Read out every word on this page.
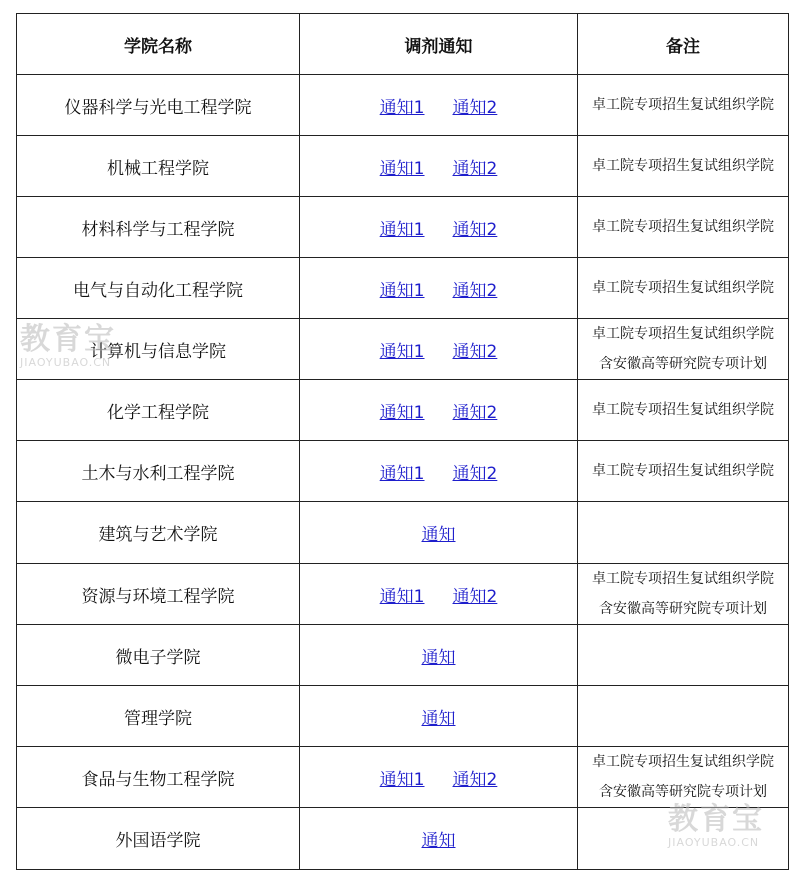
学院名称	调剂通知	备注
仪器科学与光电工程学院	通知1 通知2	卓工院专项招生复试组织学院

机械工程学院	通知1 通知2	卓工院专项招生复试组织学院

材料科学与工程学院	通知1 通知2	卓工院专项招生复试组织学院

电气与自动化工程学院	通知1 通知2	卓工院专项招生复试组织学院

计算机与信息学院	通知1 通知2	卓工院专项招生复试组织学院
含安徽高等研究院专项计划

化学工程学院	通知1 通知2	卓工院专项招生复试组织学院

土木与水利工程学院	通知1 通知2	卓工院专项招生复试组织学院

建筑与艺术学院	通知	
资源与环境工程学院	通知1 通知2	卓工院专项招生复试组织学院
含安徽高等研究院专项计划

微电子学院	通知	
管理学院	通知	
食品与生物工程学院	通知1 通知2	卓工院专项招生复试组织学院
含安徽高等研究院专项计划

外国语学院	通知	
教育宝
JIAOYUBAO.CN
教育宝
JIAOYUBAO.CN
